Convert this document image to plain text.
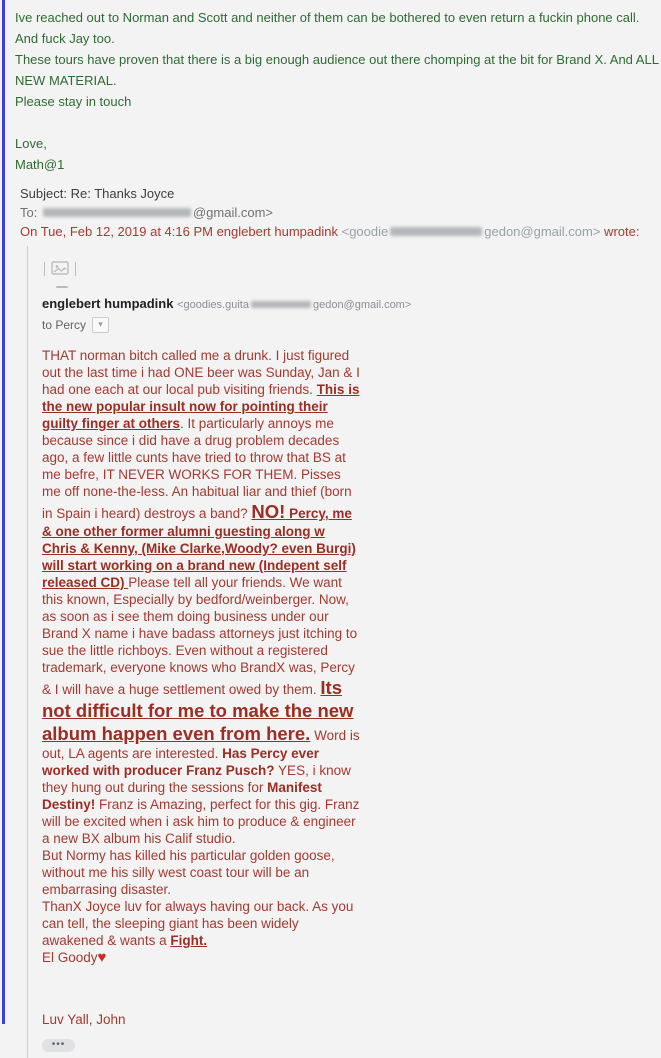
Ive reached out to Norman and Scott and neither of them can be bothered to even return a fuckin phone call. And fuck Jay too.
These tours have proven that there is a big enough audience out there chomping at the bit for Brand X. And ALL NEW MATERIAL.
Please stay in touch
Love,
Math@1
Subject: Re: Thanks Joyce
To:	@gmail.com>
On Tue, Feb 12, 2019 at 4:16 PM englebert humpadink <goodie	gedon@gmail.com> wrote:
englebert humpadink <goodies.guita	gedon@gmail.com>
to Percy	▾
THAT norman bitch called me a drunk. I just figured out the last time i had ONE beer was Sunday, Jan & I had one each at our local pub visiting friends. This is the new popular insult now for pointing their guilty finger at others. It particularly annoys me because since i did have a drug problem decades ago, a few little cunts have tried to throw that BS at me befre, IT NEVER WORKS FOR THEM. Pisses me off none-the-less. An habitual liar and thief (born in Spain i heard) destroys a band? NO! Percy, me & one other former alumni guesting along w Chris & Kenny, (Mike Clarke,Woody? even Burgi) will start working on a brand new (Indepent self released CD) Please tell all your friends. We want this known, Especially by bedford/weinberger. Now, as soon as i see them doing business under our Brand X name i have badass attorneys just itching to sue the little richboys. Even without a registered trademark, everyone knows who BrandX was, Percy & I will have a huge settlement owed by them. Its not difficult for me to make the new album happen even from here. Word is out, LA agents are interested. Has Percy ever worked with producer Franz Pusch? YES, i know they hung out during the sessions for Manifest Destiny! Franz is Amazing, perfect for this gig. Franz will be excited when i ask him to produce & engineer a new BX album his Calif studio.
But Normy has killed his particular golden goose, without me his silly west coast tour will be an embarrasing disaster.
ThanX Joyce luv for always having our back. As you can tell, the sleeping giant has been widely awakened & wants a Fight.
El Goody♥
Luv Yall, John
•••
